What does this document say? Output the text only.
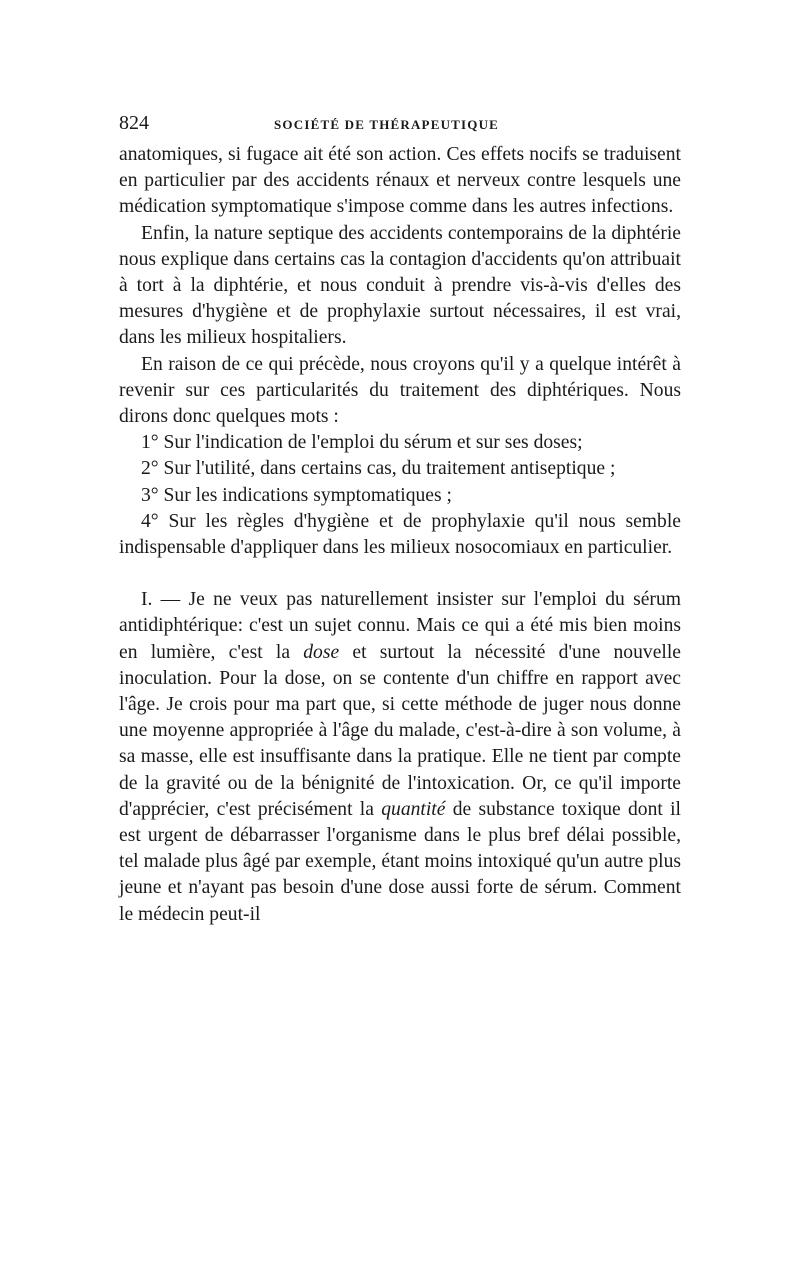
824	SOCIÉTÉ DE THÉRAPEUTIQUE

anatomiques, si fugace ait été son action. Ces effets nocifs se traduisent en particulier par des accidents rénaux et nerveux contre lesquels une médication symptomatique s'impose comme dans les autres infections.

Enfin, la nature septique des accidents contemporains de la diphtérie nous explique dans certains cas la contagion d'accidents qu'on attribuait à tort à la diphtérie, et nous conduit à prendre vis-à-vis d'elles des mesures d'hygiène et de prophylaxie surtout nécessaires, il est vrai, dans les milieux hospitaliers.

En raison de ce qui précède, nous croyons qu'il y a quelque intérêt à revenir sur ces particularités du traitement des diphtériques. Nous dirons donc quelques mots :

1° Sur l'indication de l'emploi du sérum et sur ses doses;

2° Sur l'utilité, dans certains cas, du traitement antiseptique ;

3° Sur les indications symptomatiques ;

4° Sur les règles d'hygiène et de prophylaxie qu'il nous semble indispensable d'appliquer dans les milieux nosocomiaux en particulier.

I. — Je ne veux pas naturellement insister sur l'emploi du sérum antidiphtérique: c'est un sujet connu. Mais ce qui a été mis bien moins en lumière, c'est la dose et surtout la nécessité d'une nouvelle inoculation. Pour la dose, on se contente d'un chiffre en rapport avec l'âge. Je crois pour ma part que, si cette méthode de juger nous donne une moyenne appropriée à l'âge du malade, c'est-à-dire à son volume, à sa masse, elle est insuffisante dans la pratique. Elle ne tient par compte de la gravité ou de la bénignité de l'intoxication. Or, ce qu'il importe d'apprécier, c'est précisément la quantité de substance toxique dont il est urgent de débarrasser l'organisme dans le plus bref délai possible, tel malade plus âgé par exemple, étant moins intoxiqué qu'un autre plus jeune et n'ayant pas besoin d'une dose aussi forte de sérum. Comment le médecin peut-il
